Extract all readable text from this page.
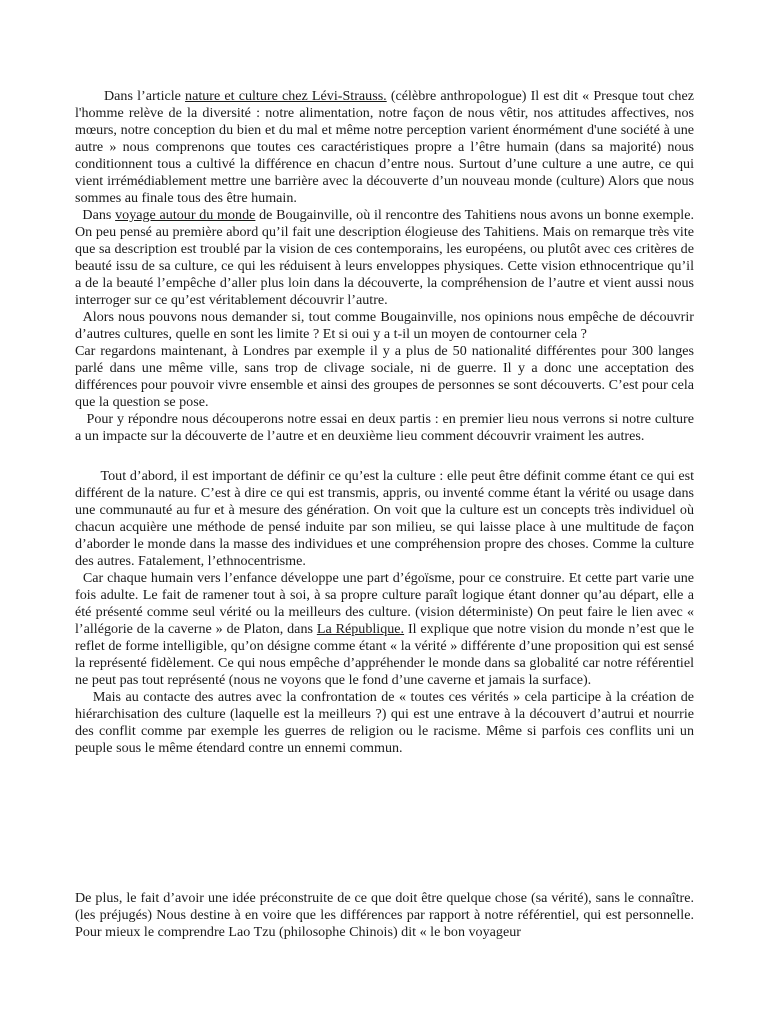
Dans l’article nature et culture chez Lévi-Strauss. (célèbre anthropologue) Il est dit « Presque tout chez l'homme relève de la diversité : notre alimentation, notre façon de nous vêtir, nos attitudes affectives, nos mœurs, notre conception du bien et du mal et même notre perception varient énormément d'une société à une autre » nous comprenons que toutes ces caractéristiques propre a l’être humain (dans sa majorité) nous conditionnent tous a cultivé la différence en chacun d’entre nous. Surtout d’une culture a une autre, ce qui vient irrémédiablement mettre une barrière avec la découverte d’un nouveau monde (culture) Alors que nous sommes au finale tous des être humain.

Dans voyage autour du monde de Bougainville, où il rencontre des Tahitiens nous avons un bonne exemple. On peu pensé au première abord qu’il fait une description élogieuse des Tahitiens. Mais on remarque très vite que sa description est troublé par la vision de ces contemporains, les européens, ou plutôt avec ces critères de beauté issu de sa culture, ce qui les réduisent à leurs enveloppes physiques. Cette vision ethnocentrique qu’il a de la beauté l’empêche d’aller plus loin dans la découverte, la compréhension de l’autre et vient aussi nous interroger sur ce qu’est véritablement découvrir l’autre.

Alors nous pouvons nous demander si, tout comme Bougainville, nos opinions nous empêche de découvrir d’autres cultures, quelle en sont les limite ? Et si oui y a t-il un moyen de contourner cela ?

Car regardons maintenant, à Londres par exemple il y a plus de 50 nationalité différentes pour 300 langes parlé dans une même ville, sans trop de clivage sociale, ni de guerre. Il y a donc une acceptation des différences pour pouvoir vivre ensemble et ainsi des groupes de personnes se sont découverts. C’est pour cela que la question se pose.

Pour y répondre nous découperons notre essai en deux partis : en premier lieu nous verrons si notre culture a un impacte sur la découverte de l’autre et en deuxième lieu comment découvrir vraiment les autres.

Tout d’abord, il est important de définir ce qu’est la culture : elle peut être définit comme étant ce qui est différent de la nature. C’est à dire ce qui est transmis, appris, ou inventé comme étant la vérité ou usage dans une communauté au fur et à mesure des génération. On voit que la culture est un concepts très individuel où chacun acquière une méthode de pensé induite par son milieu, se qui laisse place à une multitude de façon d’aborder le monde dans la masse des individues et une compréhension propre des choses. Comme la culture des autres. Fatalement, l’ethnocentrisme.

Car chaque humain vers l’enfance développe une part d’égoïsme, pour ce construire. Et cette part varie une fois adulte. Le fait de ramener tout à soi, à sa propre culture paraît logique étant donner qu’au départ, elle a été présenté comme seul vérité ou la meilleurs des culture. (vision déterministe) On peut faire le lien avec « l’allégorie de la caverne » de Platon, dans La République. Il explique que notre vision du monde n’est que le reflet de forme intelligible, qu’on désigne comme étant « la vérité » différente d’une proposition qui est sensé la représenté fidèlement. Ce qui nous empêche d’appréhender le monde dans sa globalité car notre référentiel ne peut pas tout représenté (nous ne voyons que le fond d’une caverne et jamais la surface).

Mais au contacte des autres avec la confrontation de « toutes ces vérités » cela participe à la création de hiérarchisation des culture (laquelle est la meilleurs ?) qui est une entrave à la découvert d’autrui et nourrie des conflit comme par exemple les guerres de religion ou le racisme. Même si parfois ces conflits uni un peuple sous le même étendard contre un ennemi commun.

De plus, le fait d’avoir une idée préconstruite de ce que doit être quelque chose (sa vérité), sans le connaître. (les préjugés) Nous destine à en voire que les différences par rapport à notre référentiel, qui est personnelle. Pour mieux le comprendre Lao Tzu (philosophe Chinois) dit « le bon voyageur
